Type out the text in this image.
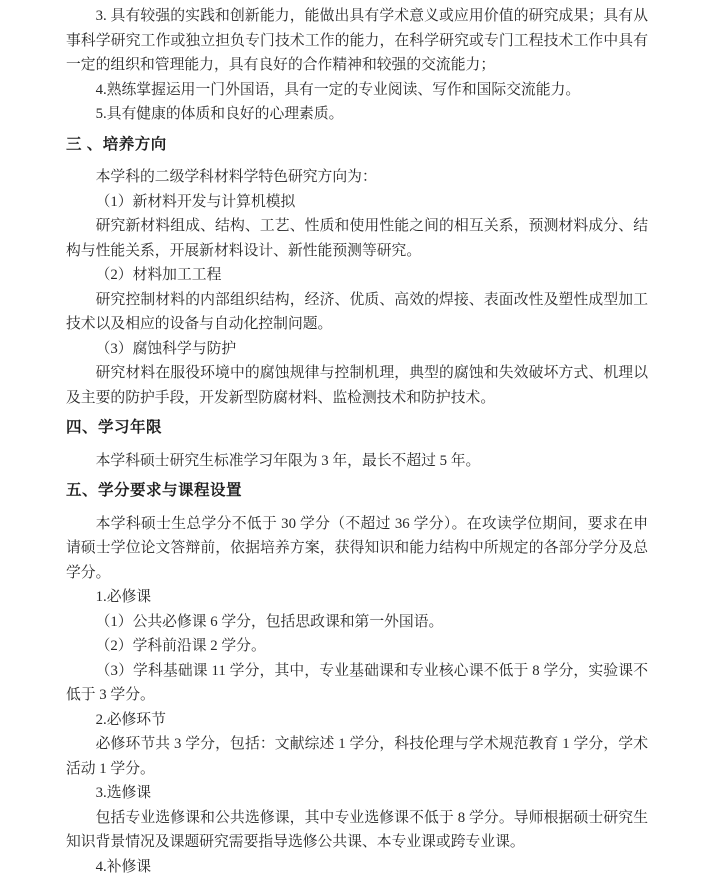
3. 具有较强的实践和创新能力，能做出具有学术意义或应用价值的研究成果；具有从事科学研究工作或独立担负专门技术工作的能力，在科学研究或专门工程技术工作中具有一定的组织和管理能力，具有良好的合作精神和较强的交流能力；

4.熟练掌握运用一门外国语，具有一定的专业阅读、写作和国际交流能力。

5.具有健康的体质和良好的心理素质。

三 、培养方向

本学科的二级学科材料学特色研究方向为：

（1）新材料开发与计算机模拟

研究新材料组成、结构、工艺、性质和使用性能之间的相互关系，预测材料成分、结构与性能关系，开展新材料设计、新性能预测等研究。

（2）材料加工工程

研究控制材料的内部组织结构，经济、优质、高效的焊接、表面改性及塑性成型加工技术以及相应的设备与自动化控制问题。

（3）腐蚀科学与防护

研究材料在服役环境中的腐蚀规律与控制机理，典型的腐蚀和失效破坏方式、机理以及主要的防护手段，开发新型防腐材料、监检测技术和防护技术。

四、学习年限

本学科硕士研究生标准学习年限为 3 年，最长不超过 5 年。

五、学分要求与课程设置

本学科硕士生总学分不低于 30 学分（不超过 36 学分）。在攻读学位期间，要求在申请硕士学位论文答辩前，依据培养方案，获得知识和能力结构中所规定的各部分学分及总学分。

1.必修课

（1）公共必修课 6 学分，包括思政课和第一外国语。

（2）学科前沿课 2 学分。

（3）学科基础课 11 学分，其中，专业基础课和专业核心课不低于 8 学分，实验课不低于 3 学分。

2.必修环节

必修环节共 3 学分，包括：文献综述 1 学分，科技伦理与学术规范教育 1 学分，学术活动 1 学分。

3.选修课

包括专业选修课和公共选修课，其中专业选修课不低于 8 学分。导师根据硕士研究生知识背景情况及课题研究需要指导选修公共课、本专业课或跨专业课。

4.补修课
